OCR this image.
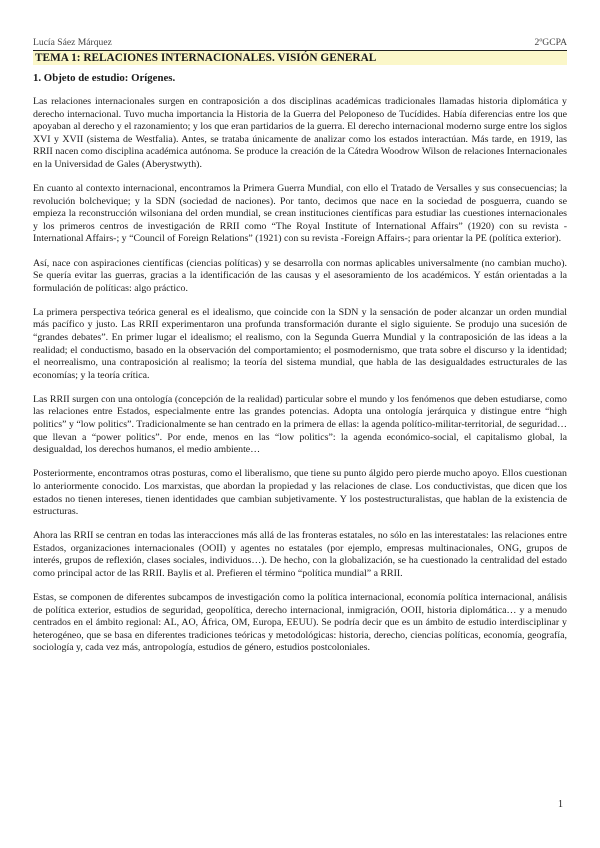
Lucía Sáez Márquez	2ºGCPA
TEMA 1: RELACIONES INTERNACIONALES. VISIÓN GENERAL
1. Objeto de estudio: Orígenes.

Las relaciones internacionales surgen en contraposición a dos disciplinas académicas tradicionales llamadas historia diplomática y derecho internacional. Tuvo mucha importancia la Historia de la Guerra del Peloponeso de Tucídides. Había diferencias entre los que apoyaban al derecho y el razonamiento; y los que eran partidarios de la guerra. El derecho internacional moderno surge entre los siglos XVI y XVII (sistema de Westfalia). Antes, se trataba únicamente de analizar como los estados interactúan. Más tarde, en 1919, las RRII nacen como disciplina académica autónoma. Se produce la creación de la Cátedra Woodrow Wilson de relaciones Internacionales en la Universidad de Gales (Aberystwyth).

En cuanto al contexto internacional, encontramos la Primera Guerra Mundial, con ello el Tratado de Versalles y sus consecuencias; la revolución bolchevique; y la SDN (sociedad de naciones). Por tanto, decimos que nace en la sociedad de posguerra, cuando se empieza la reconstrucción wilsoniana del orden mundial, se crean instituciones científicas para estudiar las cuestiones internacionales y los primeros centros de investigación de RRII como “The Royal Institute of International Affairs” (1920) con su revista -International Affairs-; y “Council of Foreign Relations” (1921) con su revista -Foreign Affairs-; para orientar la PE (política exterior).

Así, nace con aspiraciones científicas (ciencias políticas) y se desarrolla con normas aplicables universalmente (no cambian mucho). Se quería evitar las guerras, gracias a la identificación de las causas y el asesoramiento de los académicos. Y están orientadas a la formulación de políticas: algo práctico.

La primera perspectiva teórica general es el idealismo, que coincide con la SDN y la sensación de poder alcanzar un orden mundial más pacífico y justo. Las RRII experimentaron una profunda transformación durante el siglo siguiente. Se produjo una sucesión de “grandes debates”. En primer lugar el idealismo; el realismo, con la Segunda Guerra Mundial y la contraposición de las ideas a la realidad; el conductismo, basado en la observación del comportamiento; el posmodernismo, que trata sobre el discurso y la identidad; el neorrealismo, una contraposición al realismo; la teoría del sistema mundial, que habla de las desigualdades estructurales de las economías; y la teoría crítica.

Las RRII surgen con una ontología (concepción de la realidad) particular sobre el mundo y los fenómenos que deben estudiarse, como las relaciones entre Estados, especialmente entre las grandes potencias. Adopta una ontología jerárquica y distingue entre “high politics” y “low politics”. Tradicionalmente se han centrado en la primera de ellas: la agenda político-militar-territorial, de seguridad… que llevan a “power politics”. Por ende, menos en las “low politics”: la agenda económico-social, el capitalismo global, la desigualdad, los derechos humanos, el medio ambiente…

Posteriormente, encontramos otras posturas, como el liberalismo, que tiene su punto álgido pero pierde mucho apoyo. Ellos cuestionan lo anteriormente conocido. Los marxistas, que abordan la propiedad y las relaciones de clase. Los conductivistas, que dicen que los estados no tienen intereses, tienen identidades que cambian subjetivamente. Y los postestructuralistas, que hablan de la existencia de estructuras.

Ahora las RRII se centran en todas las interacciones más allá de las fronteras estatales, no sólo en las interestatales: las relaciones entre Estados, organizaciones internacionales (OOII) y agentes no estatales (por ejemplo, empresas multinacionales, ONG, grupos de interés, grupos de reflexión, clases sociales, individuos…). De hecho, con la globalización, se ha cuestionado la centralidad del estado como principal actor de las RRII. Baylis et al. Prefieren el término “política mundial” a RRII.

Estas, se componen de diferentes subcampos de investigación como la política internacional, economía política internacional, análisis de política exterior, estudios de seguridad, geopolítica, derecho internacional, inmigración, OOII, historia diplomática… y a menudo centrados en el ámbito regional: AL, AO, África, OM, Europa, EEUU). Se podría decir que es un ámbito de estudio interdisciplinar y heterogéneo, que se basa en diferentes tradiciones teóricas y metodológicas: historia, derecho, ciencias políticas, economía, geografía, sociología y, cada vez más, antropología, estudios de género, estudios postcoloniales.

1
